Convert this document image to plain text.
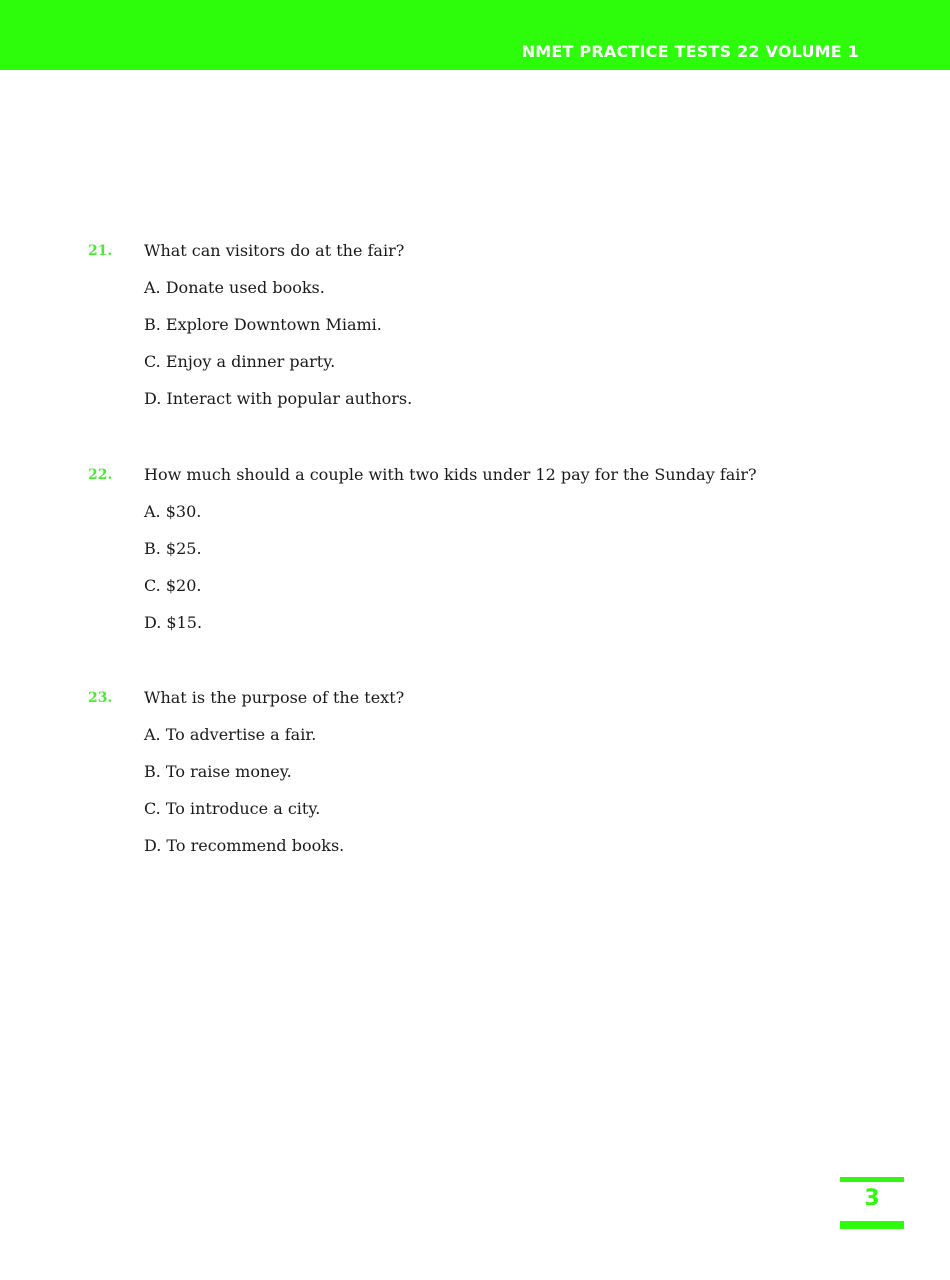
NMET PRACTICE TESTS 22 VOLUME 1
21. What can visitors do at the fair?
A. Donate used books.
B. Explore Downtown Miami.
C. Enjoy a dinner party.
D. Interact with popular authors.
22. How much should a couple with two kids under 12 pay for the Sunday fair?
A. $30.
B. $25.
C. $20.
D. $15.
23. What is the purpose of the text?
A. To advertise a fair.
B. To raise money.
C. To introduce a city.
D. To recommend books.
3
